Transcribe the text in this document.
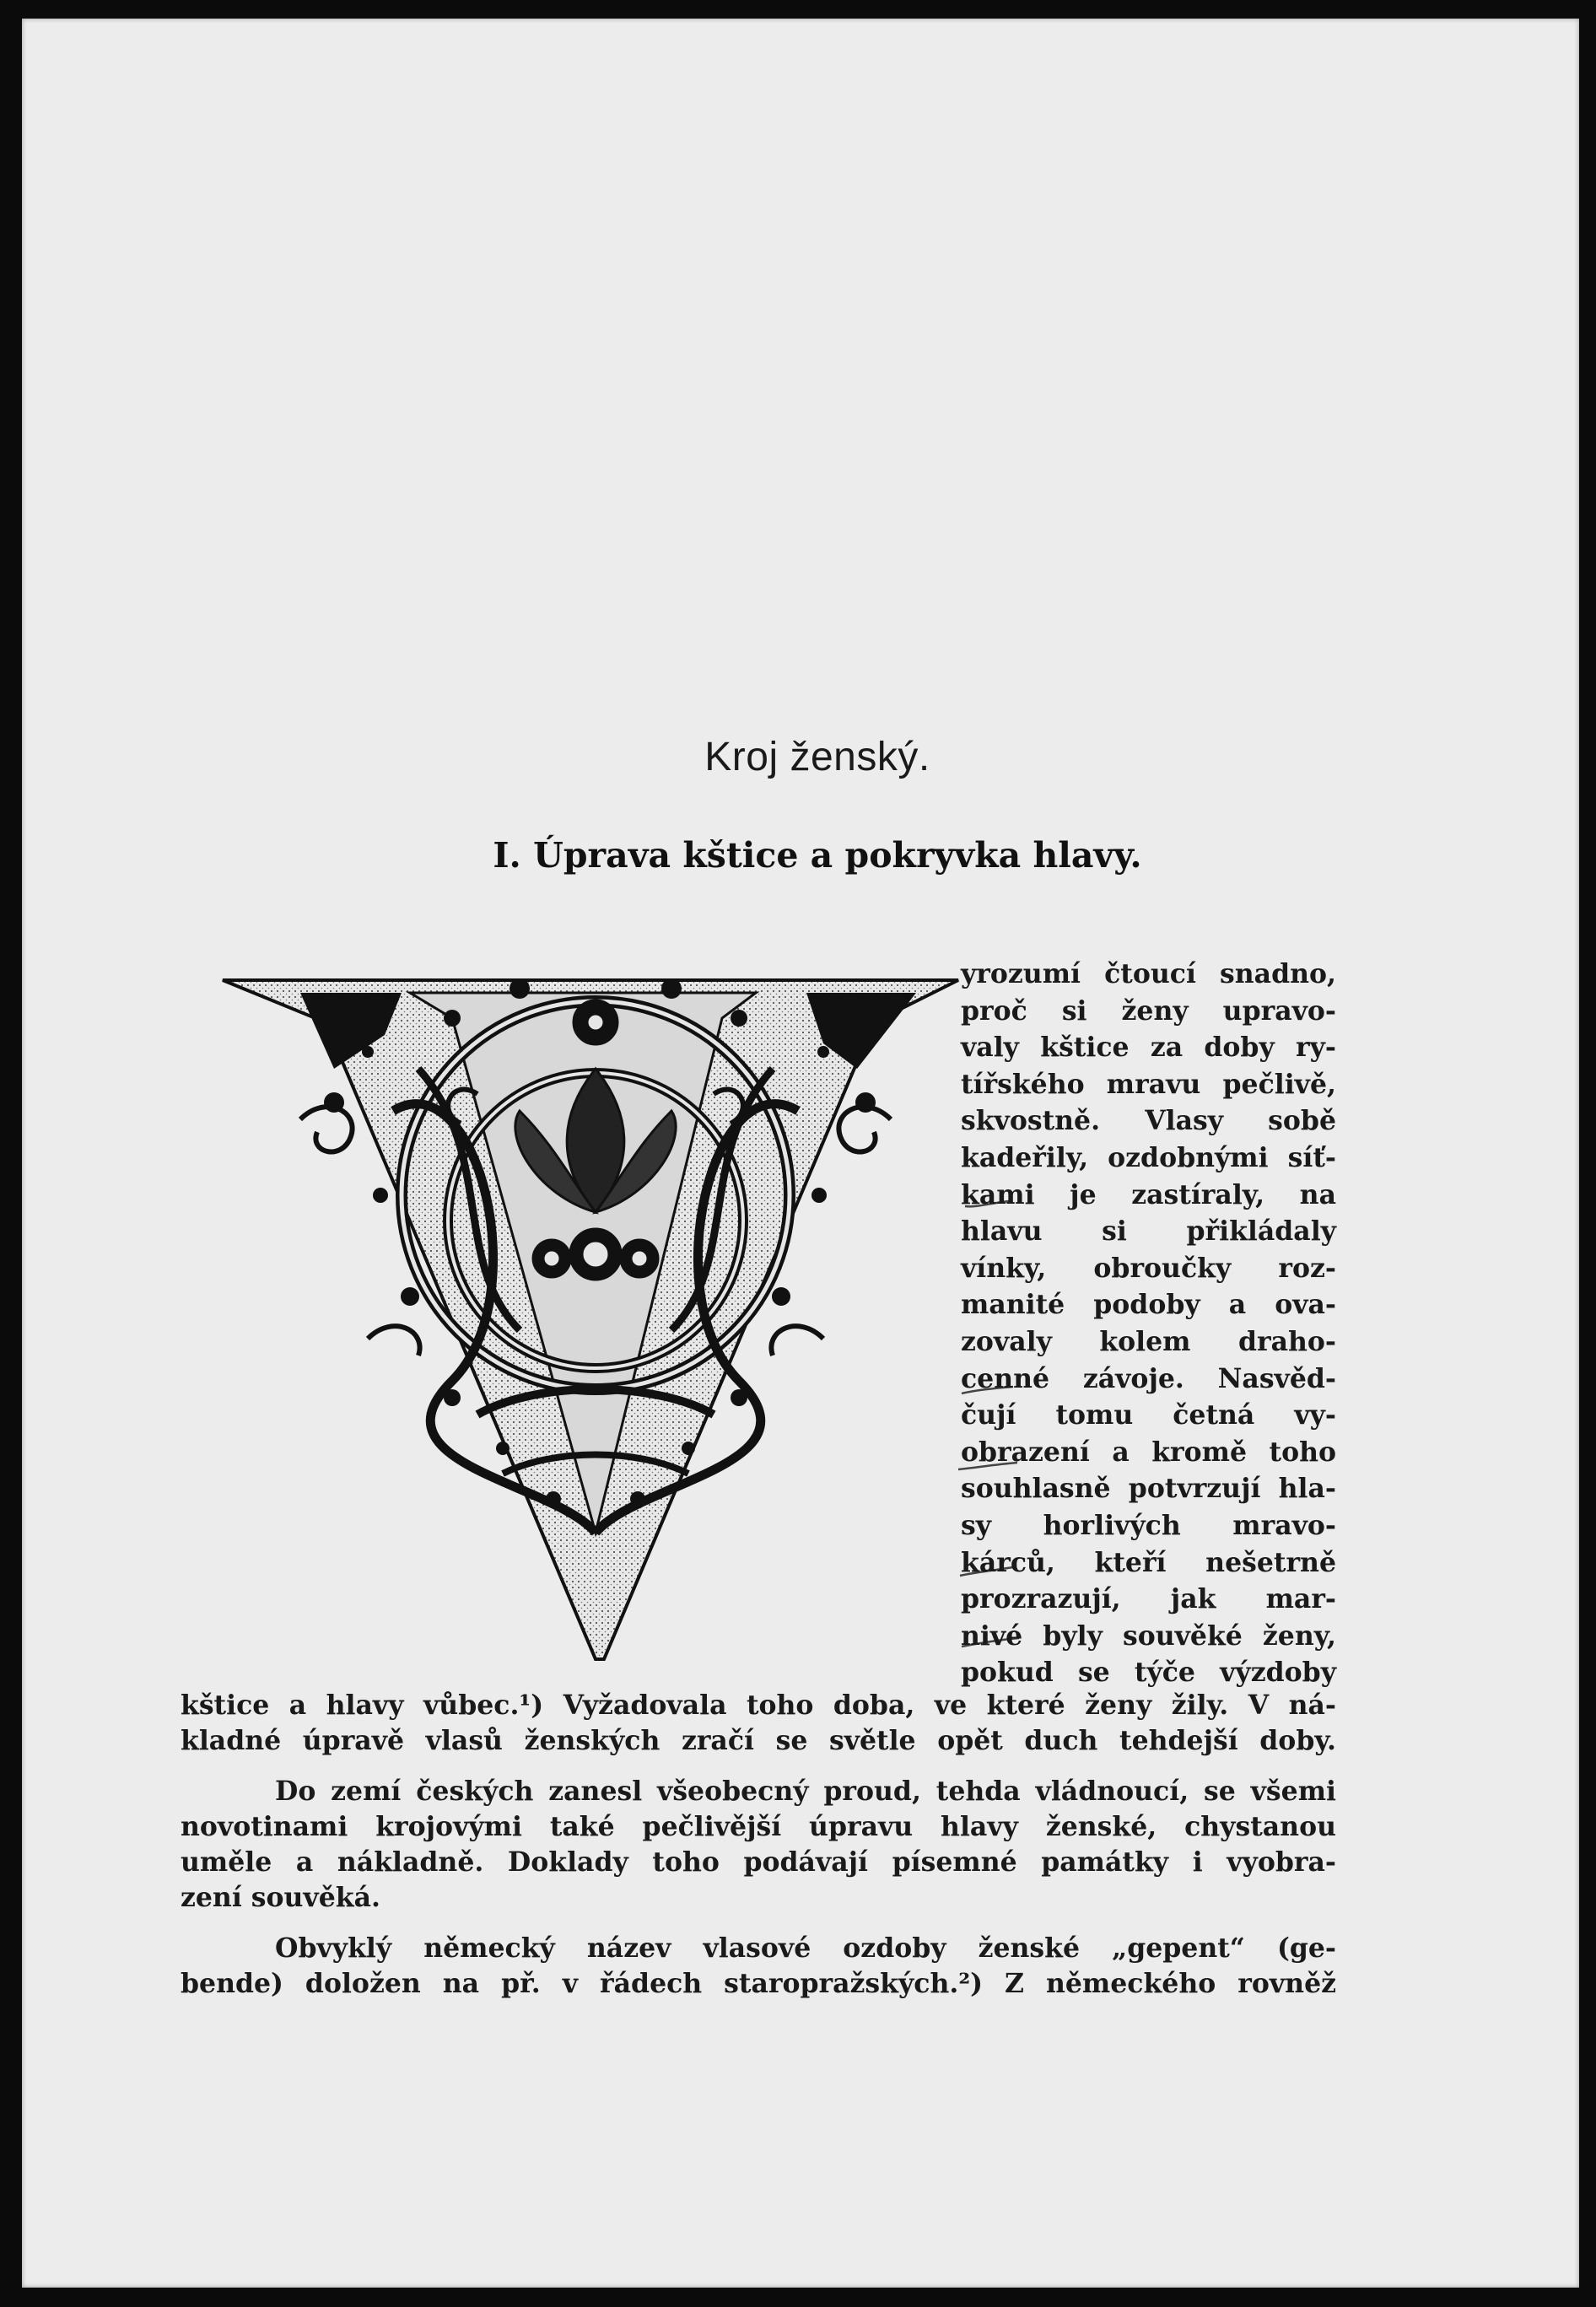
Kroj ženský.
I. Úprava kštice a pokryvka hlavy.
yrozumí čtoucí snadno,
proč si ženy upravo-
valy kštice za doby ry-
tířského mravu pečlivě,
skvostně. Vlasy sobě
kadeřily, ozdobnými síť-
kami je zastíraly, na
hlavu si přikládaly
vínky, obroučky roz-
manité podoby a ova-
zovaly kolem draho-
cenné závoje. Nasvěd-
čují tomu četná vy-
obrazení a kromě toho
souhlasně potvrzují hla-
sy horlivých mravo-
kárců, kteří nešetrně
prozrazují, jak mar-
nivé byly souvěké ženy,
pokud se týče výzdoby
kštice a hlavy vůbec.¹) Vyžadovala toho doba, ve které ženy žily. V ná-
kladné úpravě vlasů ženských zračí se světle opět duch tehdejší doby.
Do zemí českých zanesl všeobecný proud, tehda vládnoucí, se všemi
novotinami krojovými také pečlivější úpravu hlavy ženské, chystanou
uměle a nákladně. Doklady toho podávají písemné památky i vyobra-
zení souvěká.
Obvyklý německý název vlasové ozdoby ženské „gepent“ (ge-
bende) doložen na př. v řádech staropražských.²) Z německého rovněž
